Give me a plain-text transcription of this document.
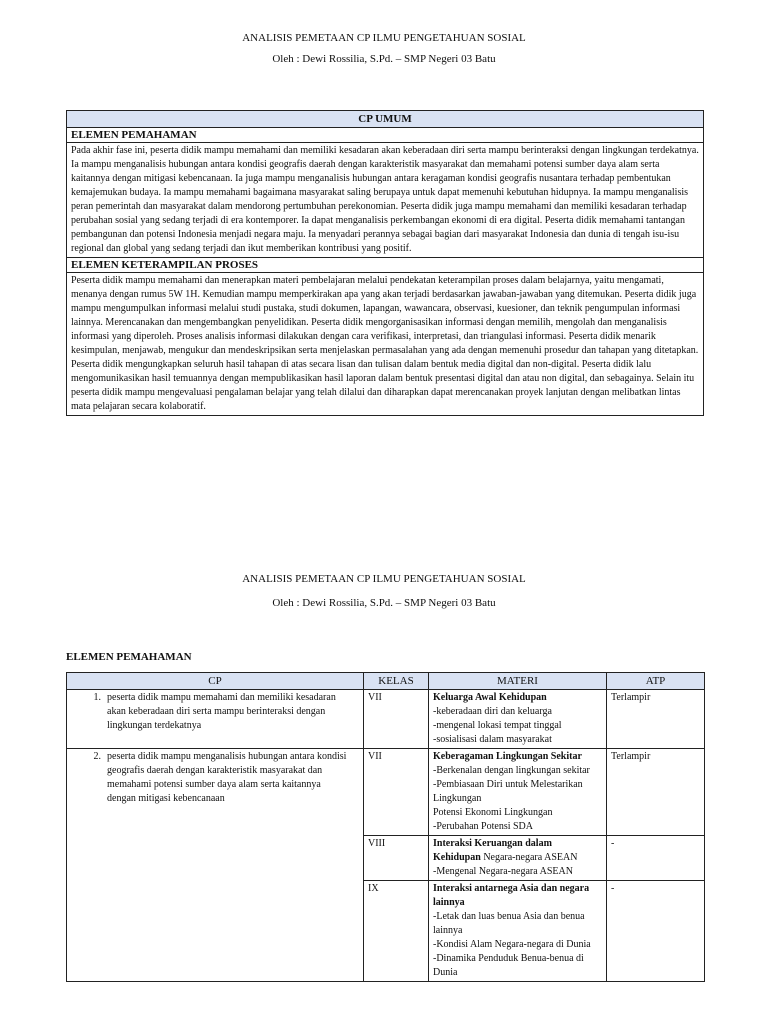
ANALISIS PEMETAAN CP ILMU PENGETAHUAN SOSIAL
Oleh : Dewi Rossilia, S.Pd. – SMP Negeri 03 Batu
CP UMUM
ELEMEN PEMAHAMAN
Pada akhir fase ini, peserta didik mampu memahami dan memiliki kesadaran akan keberadaan diri serta mampu berinteraksi dengan lingkungan terdekatnya. Ia mampu menganalisis hubungan antara kondisi geografis daerah dengan karakteristik masyarakat dan memahami potensi sumber daya alam serta kaitannya dengan mitigasi kebencanaan. Ia juga mampu menganalisis hubungan antara keragaman kondisi geografis nusantara terhadap pembentukan kemajemukan budaya. Ia mampu memahami bagaimana masyarakat saling berupaya untuk dapat memenuhi kebutuhan hidupnya. Ia mampu menganalisis peran pemerintah dan masyarakat dalam mendorong pertumbuhan perekonomian. Peserta didik juga mampu memahami dan memiliki kesadaran terhadap perubahan sosial yang sedang terjadi di era kontemporer. Ia dapat menganalisis perkembangan ekonomi di era digital. Peserta didik memahami tantangan pembangunan dan potensi Indonesia menjadi negara maju. Ia menyadari perannya sebagai bagian dari masyarakat Indonesia dan dunia di tengah isu-isu regional dan global yang sedang terjadi dan ikut memberikan kontribusi yang positif.
ELEMEN KETERAMPILAN PROSES
Peserta didik mampu memahami dan menerapkan materi pembelajaran melalui pendekatan keterampilan proses dalam belajarnya, yaitu mengamati, menanya dengan rumus 5W 1H. Kemudian mampu memperkirakan apa yang akan terjadi berdasarkan jawaban-jawaban yang ditemukan. Peserta didik juga mampu mengumpulkan informasi melalui studi pustaka, studi dokumen, lapangan, wawancara, observasi, kuesioner, dan teknik pengumpulan informasi lainnya. Merencanakan dan mengembangkan penyelidikan. Peserta didik mengorganisasikan informasi dengan memilih, mengolah dan menganalisis informasi yang diperoleh. Proses analisis informasi dilakukan dengan cara verifikasi, interpretasi, dan triangulasi informasi. Peserta didik menarik kesimpulan, menjawab, mengukur dan mendeskripsikan serta menjelaskan permasalahan yang ada dengan memenuhi prosedur dan tahapan yang ditetapkan. Peserta didik mengungkapkan seluruh hasil tahapan di atas secara lisan dan tulisan dalam bentuk media digital dan non-digital. Peserta didik lalu mengomunikasikan hasil temuannya dengan mempublikasikan hasil laporan dalam bentuk presentasi digital dan atau non digital, dan sebagainya. Selain itu peserta didik mampu mengevaluasi pengalaman belajar yang telah dilalui dan diharapkan dapat merencanakan proyek lanjutan dengan melibatkan lintas mata pelajaran secara kolaboratif.
ANALISIS PEMETAAN CP ILMU PENGETAHUAN SOSIAL
Oleh : Dewi Rossilia, S.Pd. – SMP Negeri 03 Batu
ELEMEN PEMAHAMAN
CP	KELAS	MATERI	ATP

1. peserta didik mampu memahami dan memiliki kesadaran akan keberadaan diri serta mampu berinteraksi dengan lingkungan terdekatnya	VII	Keluarga Awal Kehidupan
-keberadaan diri dan keluarga
-mengenal lokasi tempat tinggal
-sosialisasi dalam masyarakat	Terlampir

2. peserta didik mampu menganalisis hubungan antara kondisi geografis daerah dengan karakteristik masyarakat dan memahami potensi sumber daya alam serta kaitannya dengan mitigasi kebencanaan	VII	Keberagaman Lingkungan Sekitar
-Berkenalan dengan lingkungan sekitar
-Pembiasaan Diri untuk Melestarikan Lingkungan
Potensi Ekonomi Lingkungan
-Perubahan Potensi SDA	Terlampir
	VIII	Interaksi Keruangan dalam Kehidupan Negara-negara ASEAN
-Mengenal Negara-negara ASEAN	-
	IX	Interaksi antarnega Asia dan negara lainnya
-Letak dan luas benua Asia dan benua lainnya
-Kondisi Alam Negara-negara di Dunia
-Dinamika Penduduk Benua-benua di Dunia	-
